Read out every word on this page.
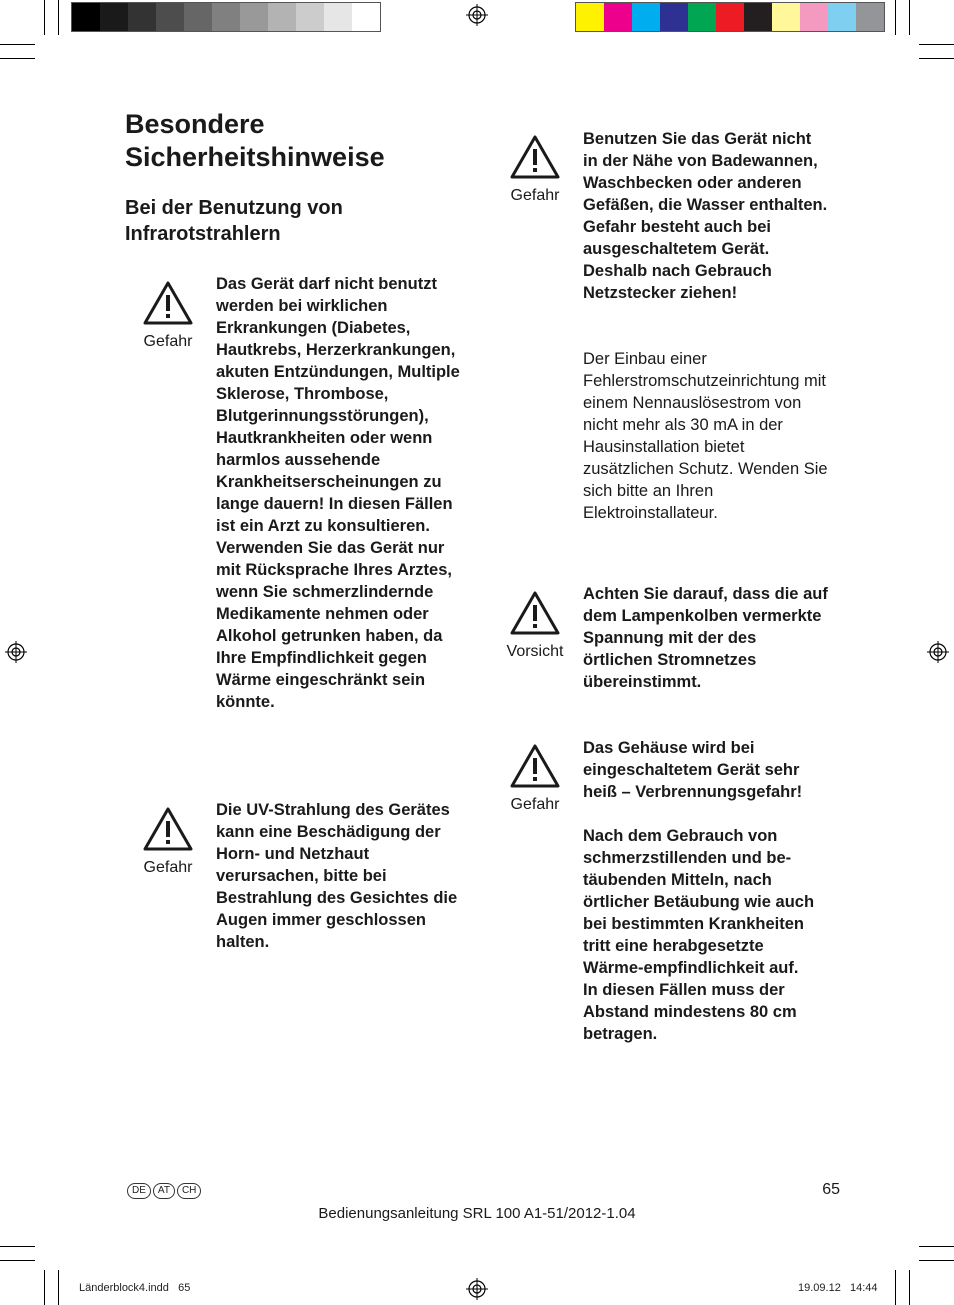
Besondere Sicherheitshinweise
Bei der Benutzung von Infrarotstrahlern
Gefahr
Das Gerät darf nicht benutzt werden bei wirklichen Erkrankungen (Diabetes, Hautkrebs, Herzerkrankungen, akuten Entzündungen, Multiple Sklerose, Thrombose, Blutgerinnungsstörungen), Hautkrankheiten oder wenn harmlos aussehende Krankheitserscheinungen zu lange dauern! In diesen Fällen ist ein Arzt zu konsultieren. Verwenden Sie das Gerät nur mit Rücksprache Ihres Arztes, wenn Sie schmerzlindernde Medikamente nehmen oder Alkohol getrunken haben, da Ihre Empfindlichkeit gegen Wärme eingeschränkt sein könnte.
Gefahr
Die UV-Strahlung des Gerätes kann eine Beschädigung der Horn- und Netzhaut verursachen, bitte bei Bestrahlung des Gesichtes die Augen immer geschlossen halten.
Gefahr
Benutzen Sie das Gerät nicht in der Nähe von Badewannen, Waschbecken oder anderen Gefäßen, die Wasser enthalten. Gefahr besteht auch bei ausgeschaltetem Gerät. Deshalb nach Gebrauch Netzstecker ziehen!
Der Einbau einer Fehlerstromschutzeinrichtung mit einem Nennauslösestrom von nicht mehr als 30 mA in der Hausinstallation bietet zusätzlichen Schutz. Wenden Sie sich bitte an Ihren Elektroinstallateur.
Vorsicht
Achten Sie darauf, dass die auf dem Lampenkolben vermerkte Spannung mit der des örtlichen Stromnetzes übereinstimmt.
Gefahr
Das Gehäuse wird bei eingeschaltetem Gerät sehr heiß – Verbrennungsgefahr!
Nach dem Gebrauch von schmerzstillenden und be-täubenden Mitteln, nach örtlicher Betäubung wie auch bei bestimmten Krankheiten tritt eine herabgesetzte Wärme-empfindlichkeit auf.
In diesen Fällen muss der Abstand mindestens 80 cm betragen.
DE	AT	CH	65
Bedienungsanleitung SRL 100 A1-51/2012-1.04
Länderblock4.indd   65	19.09.12   14:44
